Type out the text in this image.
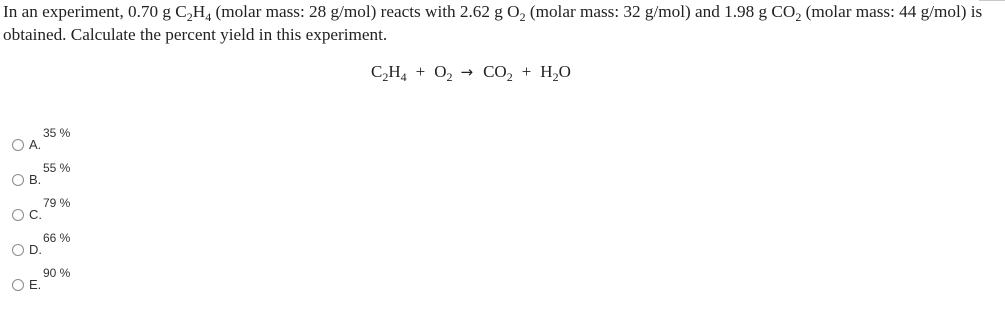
In an experiment, 0.70 g $C_2H_4$ (molar mass: 28 g/mol) reacts with 2.62 g $O_2$ (molar mass: 32 g/mol) and 1.98 g $CO_2$ (molar mass: 44 g/mol) is obtained. Calculate the percent yield in this experiment.
$C_2H_4 + O_2 \to CO_2 + H_2O$
A.
35 %
B.
55 %
C.
79 %
D.
66 %
E.
90 %
